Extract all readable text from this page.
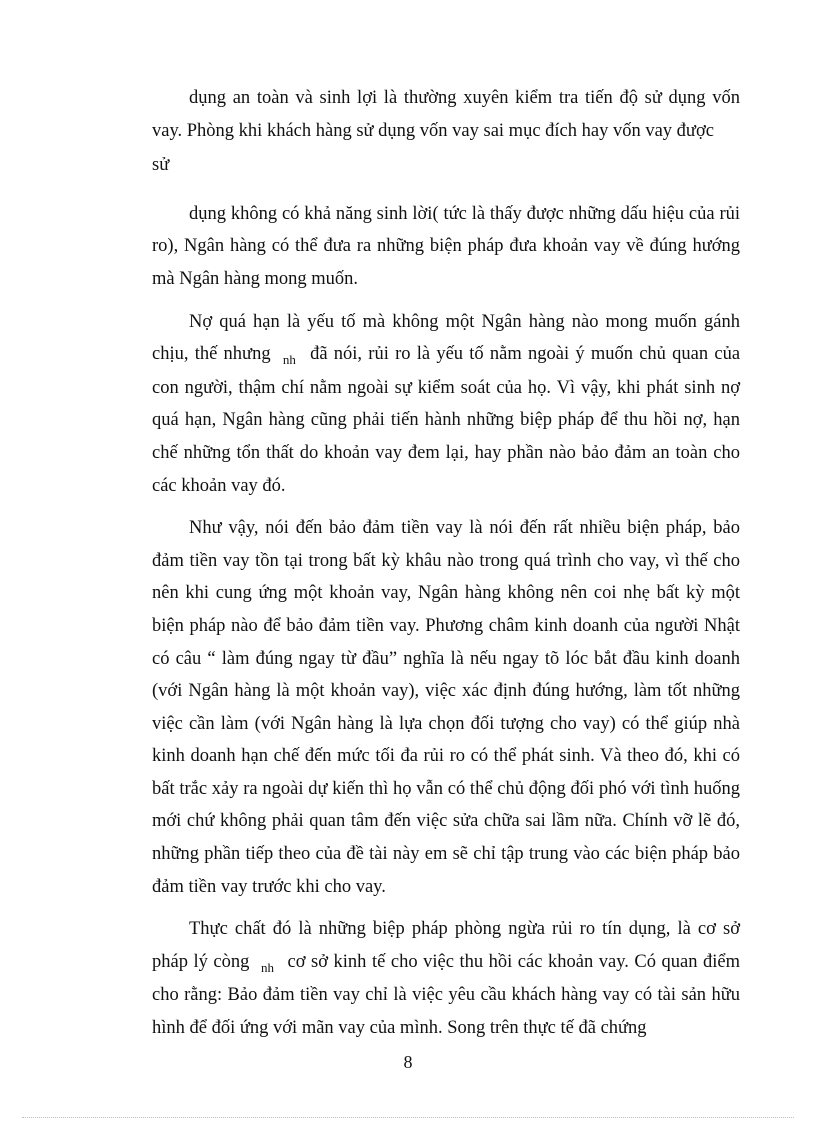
dụng an toàn và sinh lợi là thường xuyên kiểm tra tiến độ sử dụng vốn vay. Phòng khi khách hàng sử dụng vốn vay sai mục đích hay vốn vay được

sử

dụng không có khả năng sinh lời( tức là thấy được những dấu hiệu của rủi ro), Ngân hàng có thể đưa ra những biện pháp đưa khoản vay về đúng hướng mà Ngân hàng mong muốn.

Nợ quá hạn là yếu tố mà không một Ngân hàng nào mong muốn gánh chịu, thế nhưng $_{nh}$ đã nói, rủi ro là yếu tố nằm ngoài ý muốn chủ quan của con người, thậm chí nằm ngoài sự kiểm soát của họ. Vì vậy, khi phát sinh nợ quá hạn, Ngân hàng cũng phải tiến hành những biệp pháp để thu hồi nợ, hạn chế những tổn thất do khoản vay đem lại, hay phần nào bảo đảm an toàn cho các khoản vay đó.

Như vậy, nói đến bảo đảm tiền vay là nói đến rất nhiều biện pháp, bảo đảm tiền vay tồn tại trong bất kỳ khâu nào trong quá trình cho vay, vì thế cho nên khi cung ứng một khoản vay, Ngân hàng không nên coi nhẹ bất kỳ một biện pháp nào để bảo đảm tiền vay. Phương châm kinh doanh của người Nhật có câu “ làm đúng ngay từ đầu” nghĩa là nếu ngay tõ lóc bắt đầu kinh doanh (với Ngân hàng là một khoản vay), việc xác định đúng hướng, làm tốt những việc cần làm (với Ngân hàng là lựa chọn đối tượng cho vay) có thể giúp nhà kinh doanh hạn chế đến mức tối đa rủi ro có thể phát sinh. Và theo đó, khi có bất trắc xảy ra ngoài dự kiến thì họ vẫn có thể chủ động đối phó với tình huống mới chứ không phải quan tâm đến việc sửa chữa sai lầm nữa. Chính vỡ lẽ đó, những phần tiếp theo của đề tài này em sẽ chỉ tập trung vào các biện pháp bảo đảm tiền vay trước khi cho vay.

Thực chất đó là những biệp pháp phòng ngừa rủi ro tín dụng, là cơ sở pháp lý còng $_{nh}$ cơ sở kinh tế cho việc thu hồi các khoản vay. Có quan điểm cho rằng: Bảo đảm tiền vay chỉ là việc yêu cầu khách hàng vay có tài sản hữu hình để đối ứng với mãn vay của mình. Song trên thực tế đã chứng

8
